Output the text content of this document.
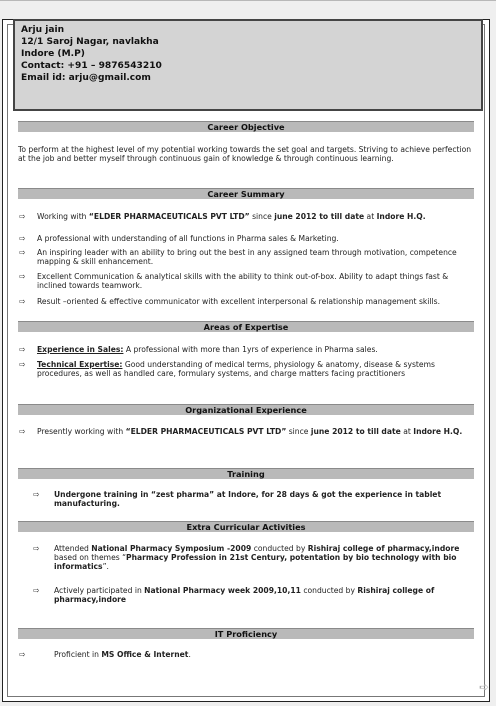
Arju jain
12/1 Saroj Nagar, navlakha
Indore (M.P)
Contact: +91 – 9876543210
Email id: arju@gmail.com
Career Objective
To perform at the highest level of my potential working towards the set goal and targets. Striving to achieve perfection at the job and better myself through continuous gain of knowledge & through continuous learning.
Career Summary
⇨ Working with “ELDER PHARMACEUTICALS PVT LTD” since june 2012 to till date at Indore H.Q.
⇨ A professional with understanding of all functions in Pharma sales & Marketing.
⇨ An inspiring leader with an ability to bring out the best in any assigned team through motivation, competence mapping & skill enhancement.
⇨ Excellent Communication & analytical skills with the ability to think out-of-box. Ability to adapt things fast & inclined towards teamwork.
⇨ Result –oriented & effective communicator with excellent interpersonal & relationship management skills.
Areas of Expertise
⇨ Experience in Sales: A professional with more than 1yrs of experience in Pharma sales.
⇨ Technical Expertise: Good understanding of medical terms, physiology & anatomy, disease & systems procedures, as well as handled care, formulary systems, and charge matters facing practitioners
Organizational Experience
⇨ Presently working with “ELDER PHARMACEUTICALS PVT LTD” since june 2012 to till date at Indore H.Q.
Training
⇨ Undergone training in “zest pharma” at Indore, for 28 days & got the experience in tablet manufacturing.
Extra Curricular Activities
⇨ Attended National Pharmacy Symposium -2009 conducted by Rishiraj college of pharmacy,indore based on themes “Pharmacy Profession in 21st Century, potentation by bio technology with bio informatics”.
⇨ Actively participated in National Pharmacy week 2009,10,11 conducted by Rishiraj college of pharmacy,indore
IT Proficiency
⇨	Proficient in MS Office & Internet.
➪
